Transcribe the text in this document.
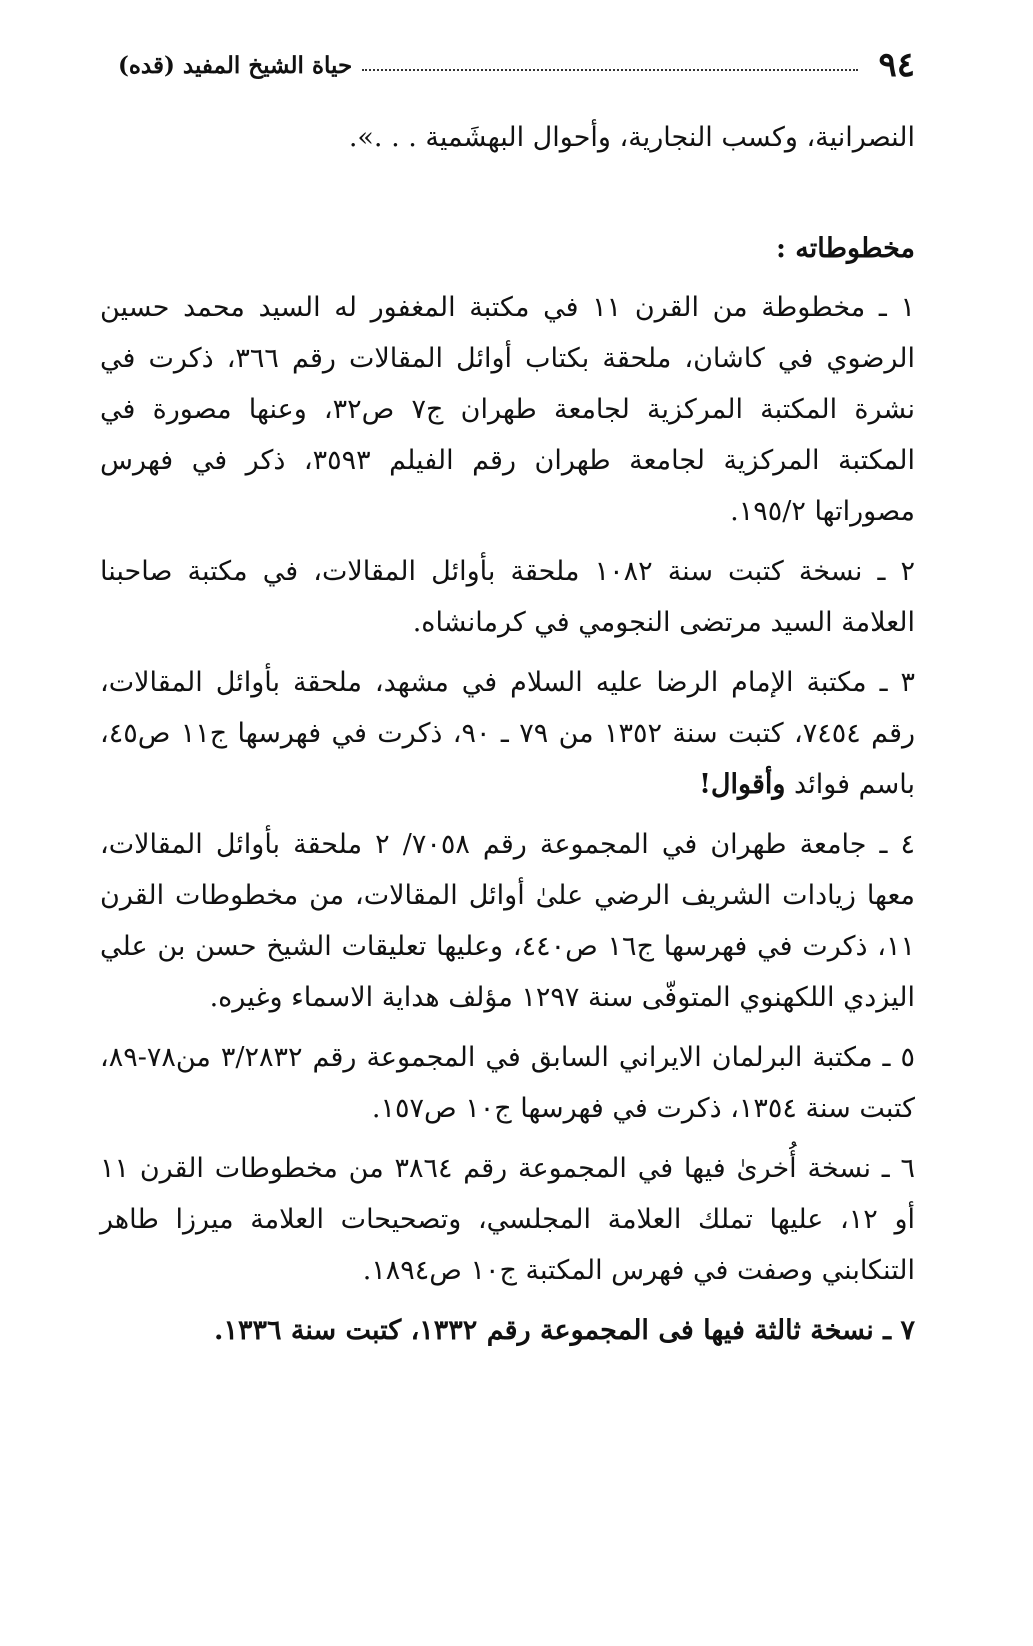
٩٤
حياة الشيخ المفيد (قده)

النصرانية، وكسب النجارية، وأحوال البهشَمية . . .».

مخطوطاته :

١ ـ مخطوطة من القرن ١١ في مكتبة المغفور له السيد محمد حسين الرضوي في كاشان، ملحقة بكتاب أوائل المقالات رقم ٣٦٦، ذكرت في نشرة المكتبة المركزية لجامعة طهران ج٧ ص٣٢، وعنها مصورة في المكتبة المركزية لجامعة طهران رقم الفيلم ٣٥٩٣، ذكر في فهرس مصوراتها ١٩٥/٢.

٢ ـ نسخة كتبت سنة ١٠٨٢ ملحقة بأوائل المقالات، في مكتبة صاحبنا العلامة السيد مرتضى النجومي في كرمانشاه.

٣ ـ مكتبة الإمام الرضا عليه السلام في مشهد، ملحقة بأوائل المقالات، رقم ٧٤٥٤، كتبت سنة ١٣٥٢ من ٧٩ ـ ٩٠، ذكرت في فهرسها ج١١ ص٤٥، باسم فوائد وأقوال!

٤ ـ جامعة طهران في المجموعة رقم ٧٠٥٨/ ٢ ملحقة بأوائل المقالات، معها زيادات الشريف الرضي علىٰ أوائل المقالات، من مخطوطات القرن ١١، ذكرت في فهرسها ج١٦ ص٤٤٠، وعليها تعليقات الشيخ حسن بن علي اليزدي اللكهنوي المتوفّى سنة ١٢٩٧ مؤلف هداية الاسماء وغيره.

٥ ـ مكتبة البرلمان الايراني السابق في المجموعة رقم ٣/٢٨٣٢ من٧٨-٨٩، كتبت سنة ١٣٥٤، ذكرت في فهرسها ج١٠ ص١٥٧.

٦ ـ نسخة أُخرىٰ فيها في المجموعة رقم ٣٨٦٤ من مخطوطات القرن ١١ أو ١٢، عليها تملك العلامة المجلسي، وتصحيحات العلامة ميرزا طاهر التنكابني وصفت في فهرس المكتبة ج١٠ ص١٨٩٤.

٧ ـ نسخة ثالثة فيها فى المجموعة رقم ١٣٣٢، كتبت سنة ١٣٣٦.
